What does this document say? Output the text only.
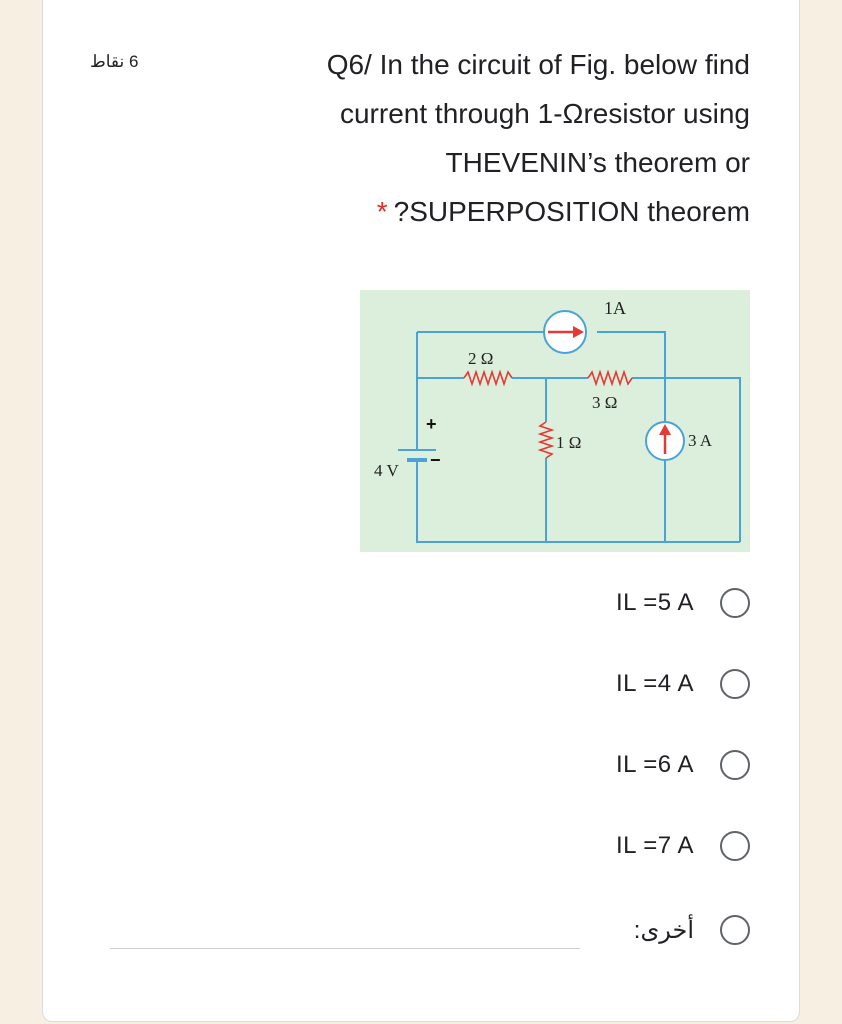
6 نقاط	Q6/ In the circuit of Fig. below find
current through 1-Ωresistor using
THEVENIN’s theorem or
* ?SUPERPOSITION theorem
1A
2 Ω
3 Ω
1 Ω	3 A
+
−
4 V
IL =5 A
IL =4 A
IL =6 A
IL =7 A
أخرى:
